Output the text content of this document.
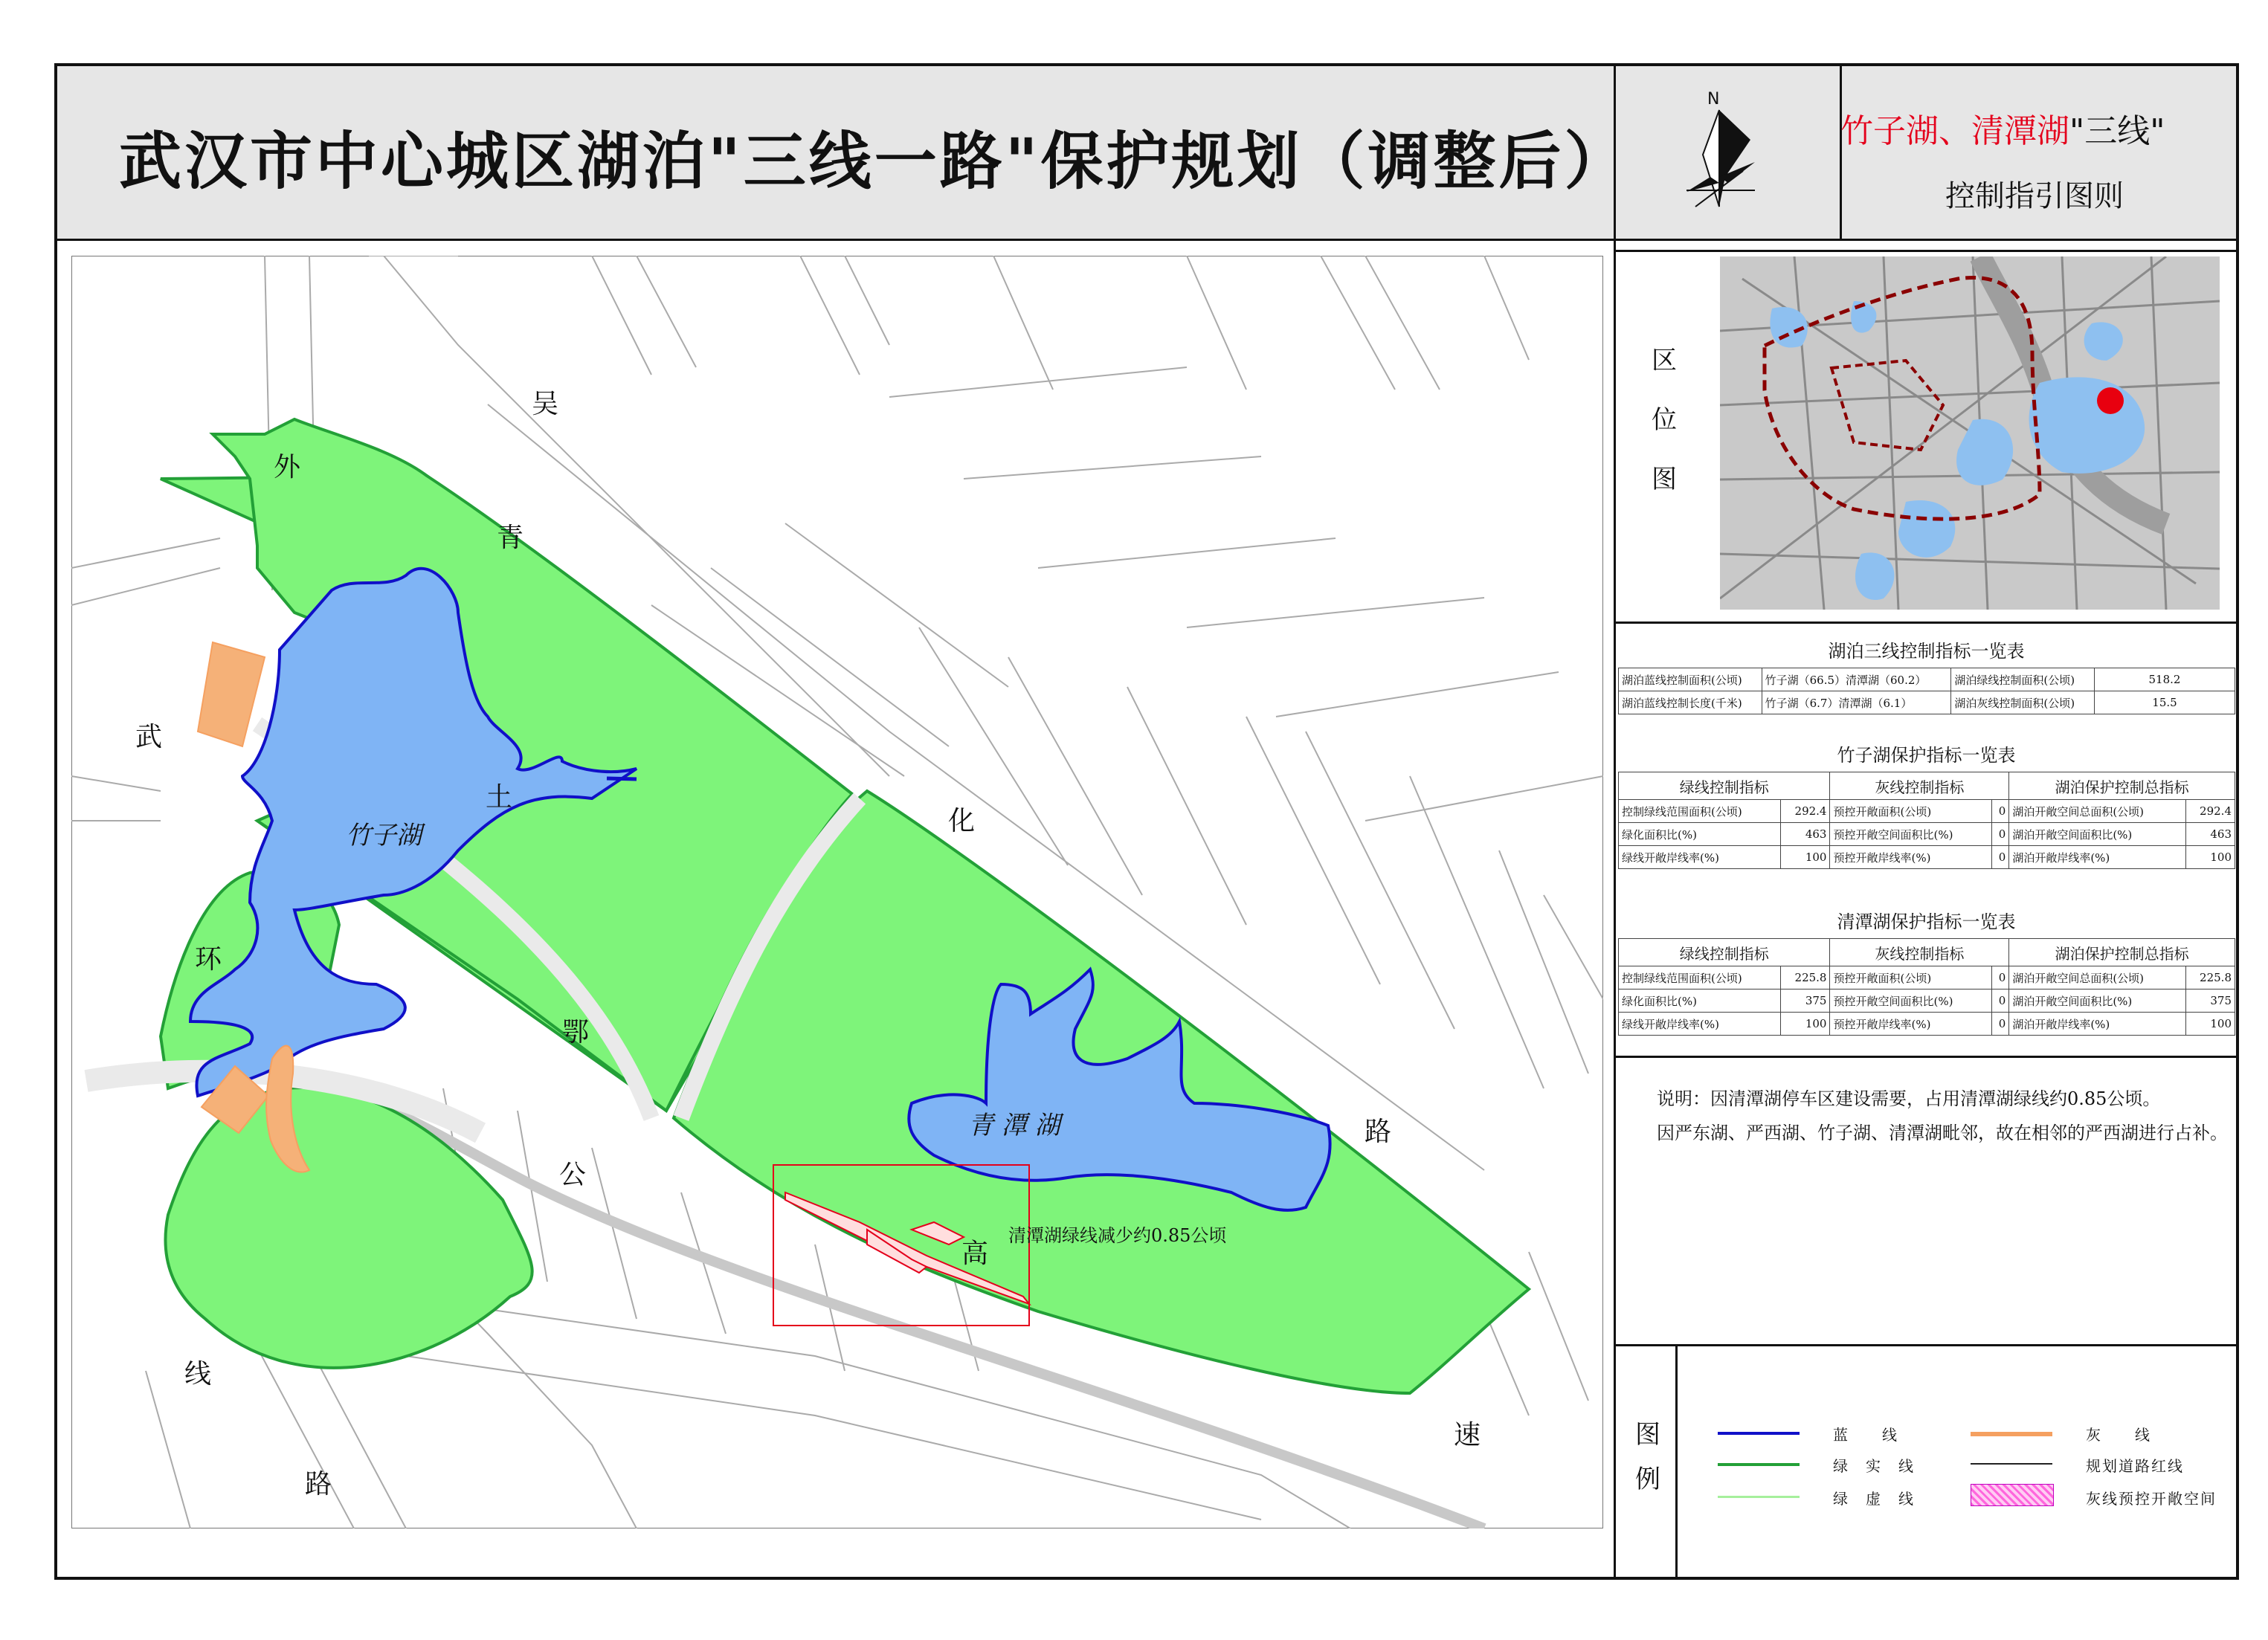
武汉市中心城区湖泊"三线一路"保护规划（调整后）	竹子湖、清潭湖"三线"
控制指引图则
N
吴
青
化
路
外
武
环
线
路
土
鄂
公
高
速
竹子湖
青 潭 湖
清潭湖绿线减少约0.85公顷
区
位
图
湖泊三线控制指标一览表
湖泊蓝线控制面积(公顷)	竹子湖（66.5）清潭湖（60.2）	湖泊绿线控制面积(公顷)	518.2
湖泊蓝线控制长度(千米)	竹子湖（6.7）清潭湖（6.1）	湖泊灰线控制面积(公顷)	15.5
竹子湖保护指标一览表
绿线控制指标		灰线控制指标		湖泊保护控制总指标	
控制绿线范围面积(公顷)	292.4	预控开敞面积(公顷)	0	湖泊开敞空间总面积(公顷)	292.4
绿化面积比(%)	463	预控开敞空间面积比(%)	0	湖泊开敞空间面积比(%)	463
绿线开敞岸线率(%)	100	预控开敞岸线率(%)	0	湖泊开敞岸线率(%)	100
清潭湖保护指标一览表
绿线控制指标		灰线控制指标		湖泊保护控制总指标	
控制绿线范围面积(公顷)	225.8	预控开敞面积(公顷)	0	湖泊开敞空间总面积(公顷)	225.8
绿化面积比(%)	375	预控开敞空间面积比(%)	0	湖泊开敞空间面积比(%)	375
绿线开敞岸线率(%)	100	预控开敞岸线率(%)	0	湖泊开敞岸线率(%)	100
说明：因清潭湖停车区建设需要，占用清潭湖绿线约0.85公顷。
因严东湖、严西湖、竹子湖、清潭湖毗邻，故在相邻的严西湖进行占补。
图
例
蓝　　线
绿　实　线
绿　虚　线
灰　　线
规划道路红线
灰线预控开敞空间
